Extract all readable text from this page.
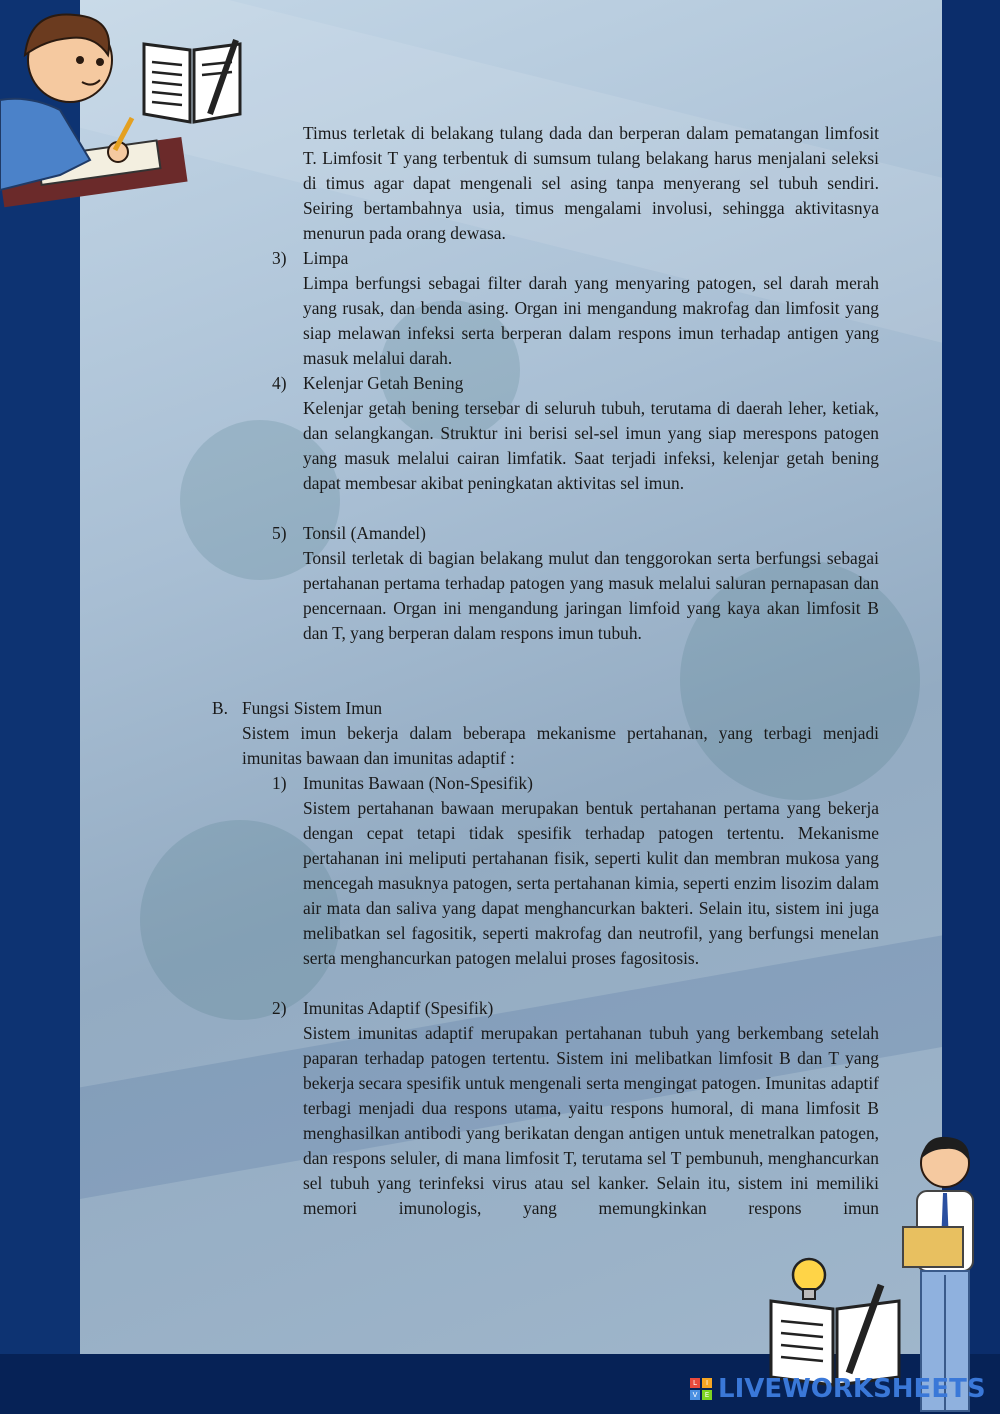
Timus terletak di belakang tulang dada dan berperan dalam pematangan limfosit T. Limfosit T yang terbentuk di sumsum tulang belakang harus menjalani seleksi di timus agar dapat mengenali sel asing tanpa menyerang sel tubuh sendiri. Seiring bertambahnya usia, timus mengalami involusi, sehingga aktivitasnya menurun pada orang dewasa.

3) Limpa

Limpa berfungsi sebagai filter darah yang menyaring patogen, sel darah merah yang rusak, dan benda asing. Organ ini mengandung makrofag dan limfosit yang siap melawan infeksi serta berperan dalam respons imun terhadap antigen yang masuk melalui darah.

4) Kelenjar Getah Bening

Kelenjar getah bening tersebar di seluruh tubuh, terutama di daerah leher, ketiak, dan selangkangan. Struktur ini berisi sel-sel imun yang siap merespons patogen yang masuk melalui cairan limfatik. Saat terjadi infeksi, kelenjar getah bening dapat membesar akibat peningkatan aktivitas sel imun.

5) Tonsil (Amandel)

Tonsil terletak di bagian belakang mulut dan tenggorokan serta berfungsi sebagai pertahanan pertama terhadap patogen yang masuk melalui saluran pernapasan dan pencernaan. Organ ini mengandung jaringan limfoid yang kaya akan limfosit B dan T, yang berperan dalam respons imun tubuh.

B. Fungsi Sistem Imun

Sistem imun bekerja dalam beberapa mekanisme pertahanan, yang terbagi menjadi imunitas bawaan dan imunitas adaptif :

1) Imunitas Bawaan (Non-Spesifik)

Sistem pertahanan bawaan merupakan bentuk pertahanan pertama yang bekerja dengan cepat tetapi tidak spesifik terhadap patogen tertentu. Mekanisme pertahanan ini meliputi pertahanan fisik, seperti kulit dan membran mukosa yang mencegah masuknya patogen, serta pertahanan kimia, seperti enzim lisozim dalam air mata dan saliva yang dapat menghancurkan bakteri. Selain itu, sistem ini juga melibatkan sel fagositik, seperti makrofag dan neutrofil, yang berfungsi menelan serta menghancurkan patogen melalui proses fagositosis.

2) Imunitas Adaptif (Spesifik)

Sistem imunitas adaptif merupakan pertahanan tubuh yang berkembang setelah paparan terhadap patogen tertentu. Sistem ini melibatkan limfosit B dan T yang bekerja secara spesifik untuk mengenali serta mengingat patogen. Imunitas adaptif terbagi menjadi dua respons utama, yaitu respons humoral, di mana limfosit B menghasilkan antibodi yang berikatan dengan antigen untuk menetralkan patogen, dan respons seluler, di mana limfosit T, terutama sel T pembunuh, menghancurkan sel tubuh yang terinfeksi virus atau sel kanker. Selain itu, sistem ini memiliki memori imunologis, yang memungkinkan respons imun

L	I
V	E LIVEWORKSHEETS
